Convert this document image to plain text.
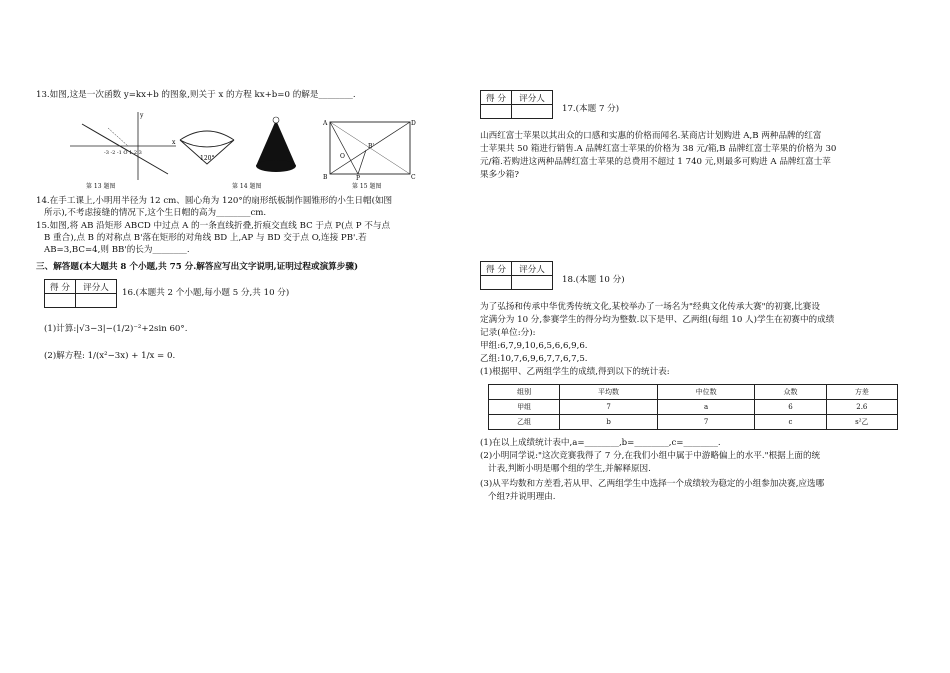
13.如图,这是一次函数 y=kx+b 的图象,则关于 x 的方程 kx+b=0 的解是________.
x
y
-3 -2 -1 O 1 2 3
第 13 题图
120°
第 14 题图
A	D
B	C
O
P
B'
第 15 题图
14.在手工课上,小明用半径为 12 cm、圆心角为 120°的扇形纸板制作圆锥形的小生日帽(如图
所示),不考虑接缝的情况下,这个生日帽的高为________cm.
15.如图,将 AB 沿矩形 ABCD 中过点 A 的一条直线折叠,折痕交直线 BC 于点 P(点 P 不与点
B 重合),点 B 的对称点 B'落在矩形的对角线 BD 上,AP 与 BD 交于点 O,连接 PB'.若
AB=3,BC=4,则 BB'的长为________.
三、解答题(本大题共 8 个小题,共 75 分.解答应写出文字说明,证明过程或演算步骤)
得 分	评分人

16.(本题共 2 个小题,每小题 5 分,共 10 分)
(1)计算:|√3−3|−(1/2)⁻²+2sin 60°.
(2)解方程: 1/(x²−3x) + 1/x = 0.
得 分	评分人

17.(本题 7 分)
山西红富士苹果以其出众的口感和实惠的价格而闻名.某商店计划购进 A,B 两种品牌的红富
士苹果共 50 箱进行销售.A 品牌红富士苹果的价格为 38 元/箱,B 品牌红富士苹果的价格为 30
元/箱.若购进这两种品牌红富士苹果的总费用不超过 1 740 元,则最多可购进 A 品牌红富士苹
果多少箱?
得 分	评分人

18.(本题 10 分)
为了弘扬和传承中华优秀传统文化,某校举办了一场名为"经典文化传承大赛"的初赛,比赛设
定满分为 10 分,参赛学生的得分均为整数.以下是甲、乙两组(每组 10 人)学生在初赛中的成绩
记录(单位:分):
甲组:6,7,9,10,6,5,6,6,9,6.
乙组:10,7,6,9,6,7,7,6,7,5.
(1)根据甲、乙两组学生的成绩,得到以下的统计表:
组别	平均数	中位数	众数	方差
甲组	7	a	6	2.6
乙组	b	7	c	s²乙
(1)在以上成绩统计表中,a=________,b=________,c=________.
(2)小明同学说:"这次竞赛我得了 7 分,在我们小组中属于中游略偏上的水平."根据上面的统
计表,判断小明是哪个组的学生,并解释原因.
(3)从平均数和方差看,若从甲、乙两组学生中选择一个成绩较为稳定的小组参加决赛,应选哪
个组?并说明理由.
